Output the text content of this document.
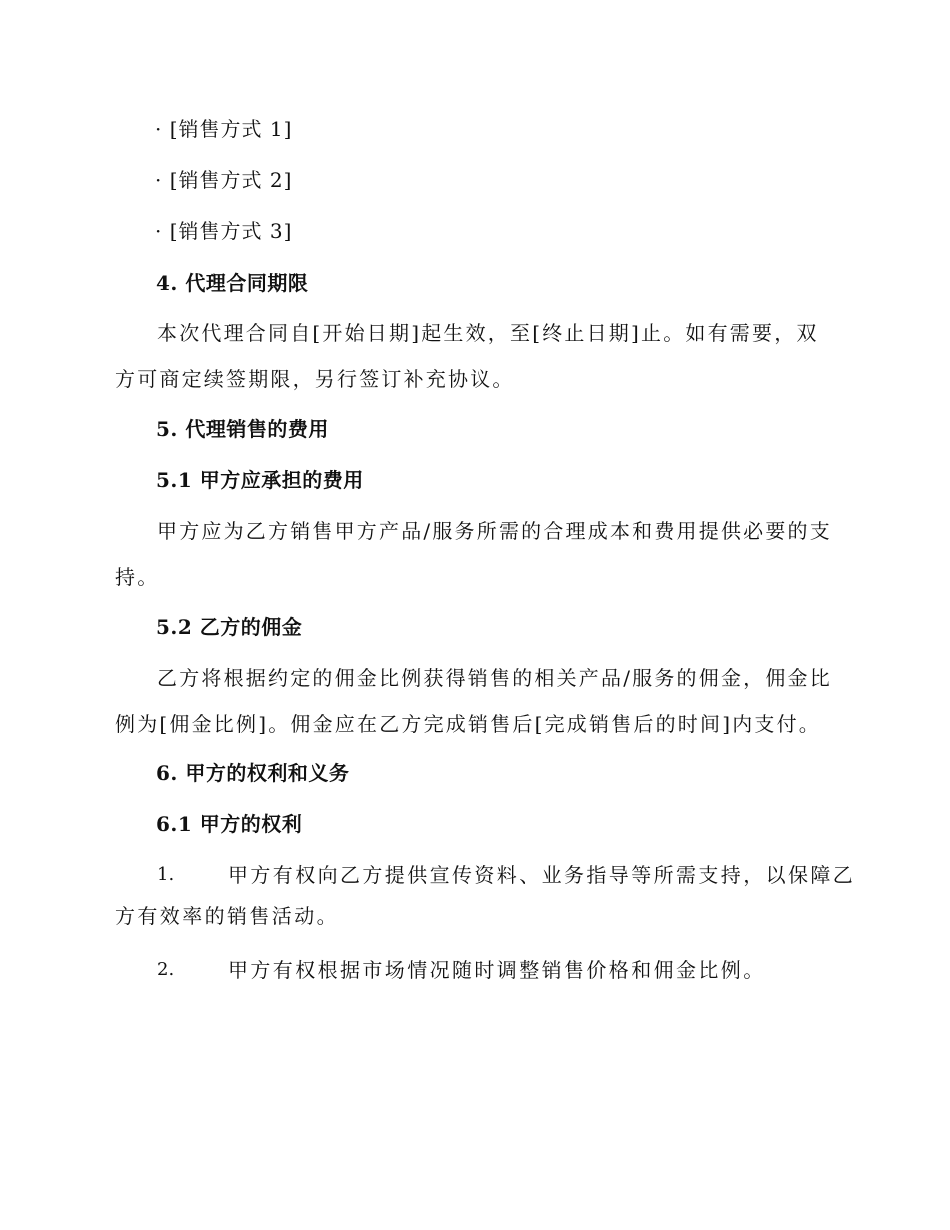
· [销售方式 1]
· [销售方式 2]
· [销售方式 3]
4. 代理合同期限
本次代理合同自[开始日期]起生效，至[终止日期]止。如有需要，双方可商定续签期限，另行签订补充协议。
5. 代理销售的费用
5.1 甲方应承担的费用
甲方应为乙方销售甲方产品/服务所需的合理成本和费用提供必要的支持。
5.2 乙方的佣金
乙方将根据约定的佣金比例获得销售的相关产品/服务的佣金，佣金比例为[佣金比例]。佣金应在乙方完成销售后[完成销售后的时间]内支付。
6. 甲方的权利和义务
6.1 甲方的权利
1.	甲方有权向乙方提供宣传资料、业务指导等所需支持，以保障乙
方有效率的销售活动。
2.	甲方有权根据市场情况随时调整销售价格和佣金比例。
